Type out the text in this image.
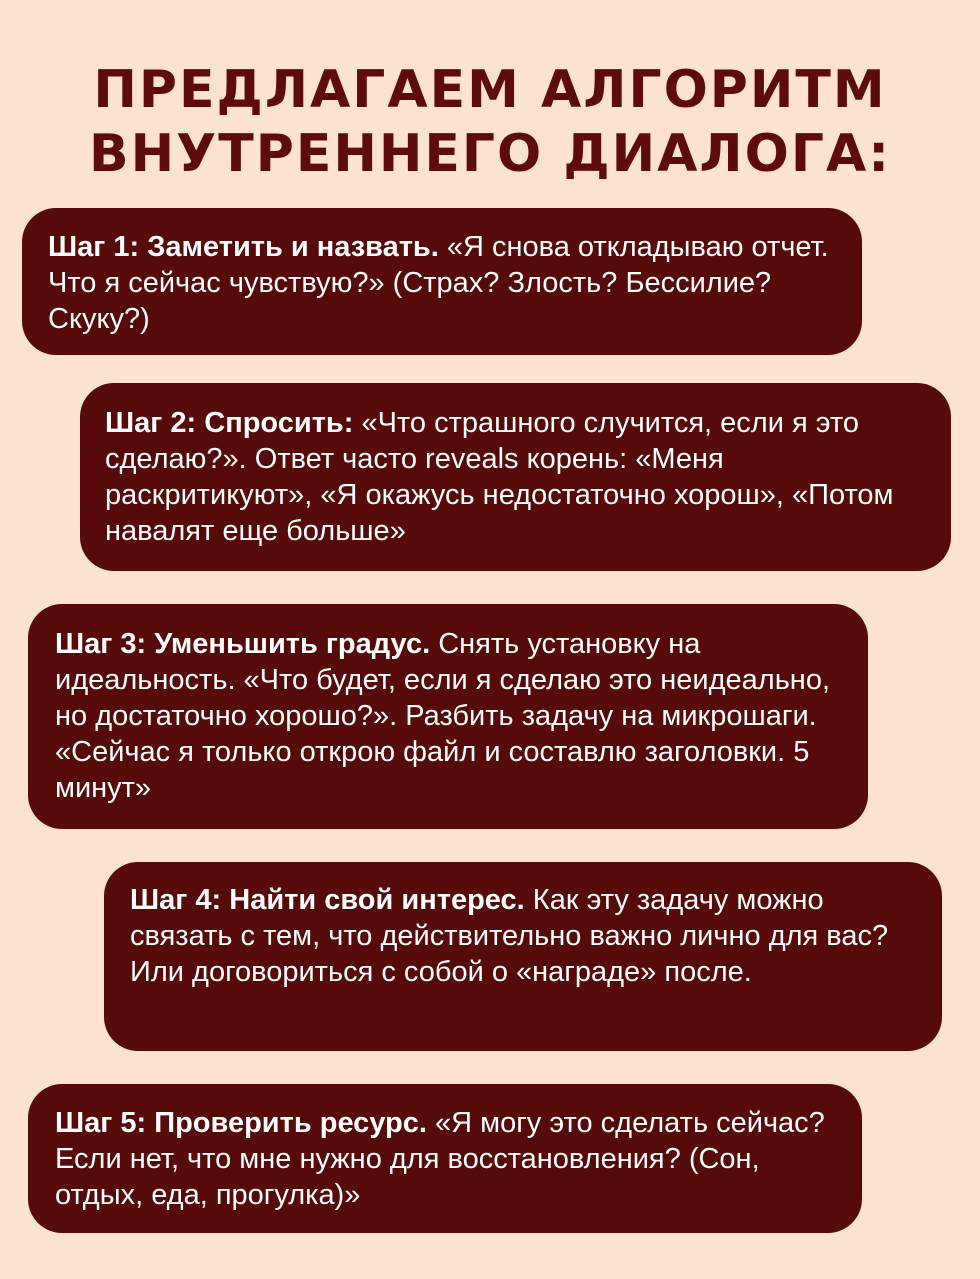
ПРЕДЛАГАЕМ АЛГОРИТМ
ВНУТРЕННЕГО ДИАЛОГА:
Шаг 1: Заметить и назвать. «Я снова откладываю отчет. Что я сейчас чувствую?» (Страх? Злость? Бессилие? Скуку?)
Шаг 2: Спросить: «Что страшного случится, если я это сделаю?». Ответ часто reveals корень: «Меня раскритикуют», «Я окажусь недостаточно хорош», «Потом навалят еще больше»
Шаг 3: Уменьшить градус. Снять установку на идеальность. «Что будет, если я сделаю это неидеально, но достаточно хорошо?». Разбить задачу на микрошаги. «Сейчас я только открою файл и составлю заголовки. 5 минут»
Шаг 4: Найти свой интерес. Как эту задачу можно связать с тем, что действительно важно лично для вас? Или договориться с собой о «награде» после.
Шаг 5: Проверить ресурс. «Я могу это сделать сейчас? Если нет, что мне нужно для восстановления? (Сон, отдых, еда, прогулка)»
